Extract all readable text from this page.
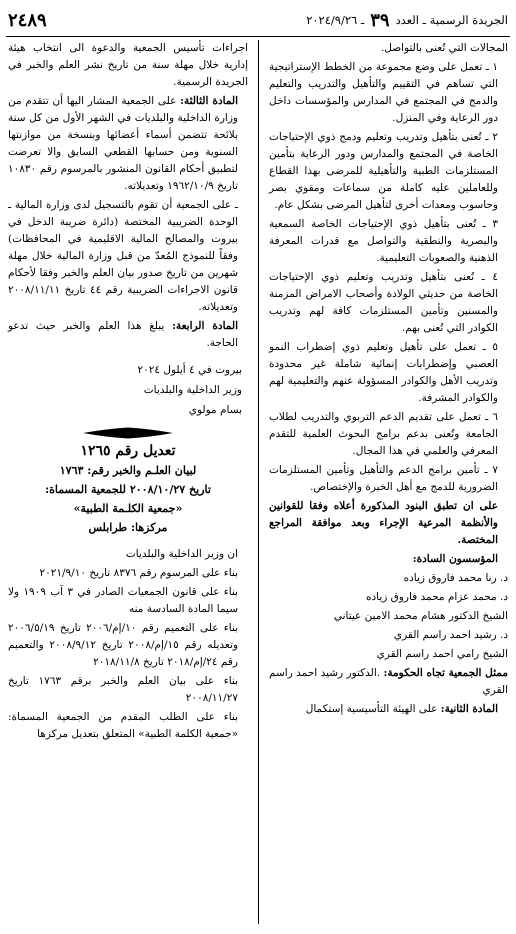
الجريدة الرسمية ـ العدد
٣٩
ـ ٢٠٢٤/٩/٢٦
٢٤٨٩

المجالات التي تُعنى بالتواصل.

١ ـ تعمل على وضع مجموعة من الخطط الإستراتيجية التي تساهم في التقييم والتأهيل والتدريب والتعليم والدمج في المجتمع في المدارس والمؤسسات داخل دور الرعاية وفي المنزل.

٢ ـ تُعنى بتأهيل وتدريب وتعليم ودمج ذوي الإحتياجات الخاصة في المجتمع والمدارس ودور الرعاية بتأمين المستلزمات الطبية والتأهيلية للمرضى بهذا القطاع وللعاملين عليه كاملة من سماعات ومقوي بصر وحاسوب ومعدات أخرى لتأهيل المرضى بشكل عام.

٣ ـ تُعنى بتأهيل ذوي الإحتياجات الخاصة السمعية والبصرية والنطقية والتواصل مع قدرات المعرفة الذهنية والصعوبات التعليمية.

٤ ـ تُعنى بتأهيل وتدريب وتعليم ذوي الإحتياجات الخاصة من حديثي الولادة وأصحاب الامراض المزمنة والمسنين وتأمين المستلزمات كافة لهم وتدريب الكوادر التي تُعنى بهم.

٥ ـ تعمل على تأهيل وتعليم ذوي إضطراب النمو العصبي وإضطرابات إنمائية شاملة غير محدودة وتدريب الأهل والكوادر المسؤولة عنهم والتعليمية لهم والكوادر المشرفة.

٦ ـ تعمل على تقديم الدعم التربوي والتدريب لطلاب الجامعة وتُعنى بدعم برامج البحوث العلمية للتقدم المعرفي والعلمي في هذا المجال.

٧ ـ تأمين برامج الدعم والتأهيل وتأمين المستلزمات الضرورية للدمج مع أهل الخبرة والإختصاص.

على ان تطبق البنود المذكورة أعلاه وفقا للقوانين والأنظمة المرعية الإجراء وبعد موافقة المراجع المختصة.

المؤسسون السادة:

د. رنا محمد فاروق زياده

د. محمد عزام محمد فاروق زياده

الشيخ الدكتور هشام محمد الامين عيتاني

د. رشيد احمد راسم القري

الشيخ رامي احمد راسم القري

ممثل الجمعية تجاه الحكومة: .الدكتور رشيد احمد راسم القري

المادة الثانية: على الهيئة التأسيسية إستكمال

اجراءات تأسيس الجمعية والدعوة الى انتخاب هيئة إدارية خلال مهلة سنة من تاريخ نشر العلم والخبر في الجريدة الرسمية.

المادة الثالثة: على الجمعية المشار اليها أن تتقدم من وزارة الداخلية والبلديات في الشهر الأول من كل سنة بلائحة تتضمن أسماء أعضائها وبنسخة من موازنتها السنوية ومن حسابها القطعي السابق والا تعرضت لتطبيق أحكام القانون المنشور بالمرسوم رقم ١٠٨٣٠ تاريخ ١٩٦٢/١٠/٩ وتعديلاته.

ـ على الجمعية أن تقوم بالتسجيل لدى وزارة المالية ـ الوحدة الضريبية المختصة (دائرة ضريبة الدخل في بيروت والمصالح المالية الاقليمية في المحافظات) وفقاً للنموذج المُعدّ من قبل وزارة المالية خلال مهلة شهرين من تاريخ صدور بيان العلم والخبر وفقا لأحكام قانون الاجراءات الضريبية رقم ٤٤ تاريخ ٢٠٠٨/١١/١١ وتعديلاته.

المادة الرابعة: يبلغ هذا العلم والخبر حيث تدعو الحاجة.

بيروت في ٤ أيلول ٢٠٢٤

وزير الداخلية والبلديات

بسام مولوي

تعديل رقم ١٢٦٥

لبيان العلـم والخبر رقم: ١٧٦٣

تاريخ ٢٠٠٨/١٠/٢٧ للجمعية المسماة:

«جمعية الكلـمة الطبية»

مركزها: طرابلس

ان وزير الداخلية والبلديات

بناء على المرسوم رقم ٨٣٧٦ تاريخ ٢٠٢١/٩/١٠

بناء على قانون الجمعيات الصادر في ٣ آب ١٩٠٩ ولا سيما المادة السادسة منه

بناء على التعميم رقم ١٠/إم/٢٠٠٦ تاريخ ٢٠٠٦/٥/١٩ وتعديله رقم ١٥/إم/٢٠٠٨ تاريخ ٢٠٠٨/٩/١٢ والتعميم رقم ٢٤/إم/٢٠١٨ تاريخ ٢٠١٨/١١/٨

بناء على بيان العلم والخبر برقم ١٧٦٣ تاريخ ٢٠٠٨/١١/٢٧

بناء على الطلب المقدم من الجمعية المسماة: «جمعية الكلمة الطبية» المتعلق بتعديل مركزها
